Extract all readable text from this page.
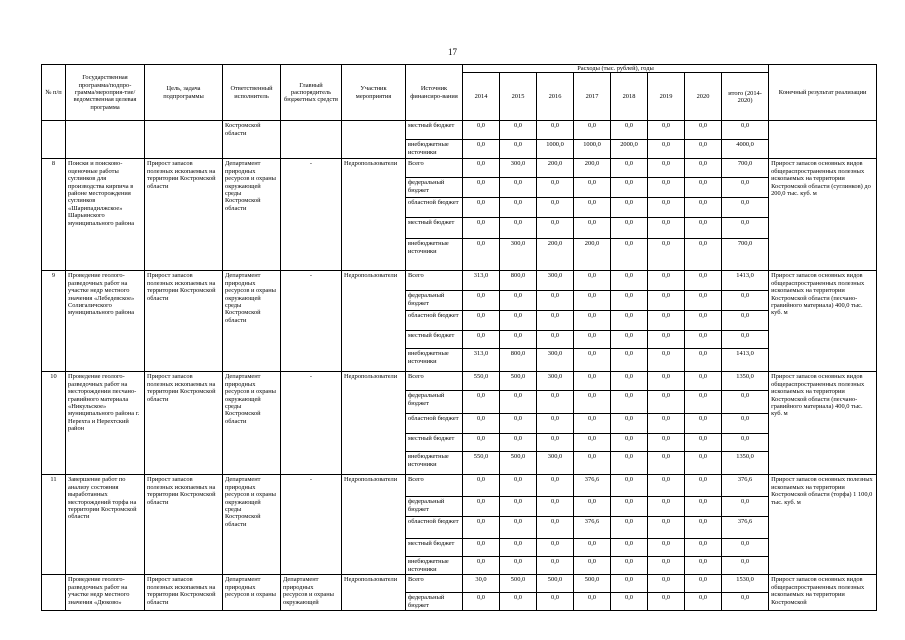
17
№ п/п	Государственная программа/подпро-грамма/мероприя-тие/ведомственная целевая программа	Цель, задача подпрограммы	Ответственный исполнитель	Главный распорядитель бюджетных средств	Участник мероприятия	Источник финансиро-вания	Расходы (тыс. рублей), годы								Конечный результат реализации
							2014	2015	2016	2017	2018	2019	2020	итого (2014-2020)	
			Костромской области			местный бюджет	0,0	0,0	0,0	0,0	0,0	0,0	0,0	0,0	
						внебюджетные источники	0,0	0,0	1000,0	1000,0	2000,0	0,0	0,0	4000,0	
8	Поиски и поисково-оценочные работы суглинков для производства кирпича в районе месторождения суглинков «Шарипадилжское» Шарьинского муниципального района	Прирост запасов полезных ископаемых на территории Костромской области	Департамент природных ресурсов и охраны окружающей среды Костромской области	-	Недропользователи	Всего	0,0	300,0	200,0	200,0	0,0	0,0	0,0	700,0	Прирост запасов основных видов общераспространенных полезных ископаемых на территории Костромской области (суглинков) до 200,0 тыс. куб. м
						федеральный бюджет	0,0	0,0	0,0	0,0	0,0	0,0	0,0	0,0	
						областной бюджет	0,0	0,0	0,0	0,0	0,0	0,0	0,0	0,0	
						местный бюджет	0,0	0,0	0,0	0,0	0,0	0,0	0,0	0,0	
						внебюджетные источники	0,0	300,0	200,0	200,0	0,0	0,0	0,0	700,0	
9	Проведение геолого-разведочных работ на участке недр местного значения «Лебедевское» Солигаличского муниципального района	Прирост запасов полезных ископаемых на территории Костромской области	Департамент природных ресурсов и охраны окружающей среды Костромской области	-	Недропользователи	Всего	313,0	800,0	300,0	0,0	0,0	0,0	0,0	1413,0	Прирост запасов основных видов общераспространенных полезных ископаемых на территории Костромской области (песчано-гравийного материала) 400,0 тыс. куб. м
						федеральный бюджет	0,0	0,0	0,0	0,0	0,0	0,0	0,0	0,0	
						областной бюджет	0,0	0,0	0,0	0,0	0,0	0,0	0,0	0,0	
						местный бюджет	0,0	0,0	0,0	0,0	0,0	0,0	0,0	0,0	
						внебюджетные источники	313,0	800,0	300,0	0,0	0,0	0,0	0,0	1413,0	
10	Проведение геолого-разведочных работ на месторождении песчано-гравийного материала «Никульское» муниципального района г. Нерехта и Нерехтский район	Прирост запасов полезных ископаемых на территории Костромской области	Департамент природных ресурсов и охраны окружающей среды Костромской области	-	Недропользователи	Всего	550,0	500,0	300,0	0,0	0,0	0,0	0,0	1350,0	Прирост запасов основных видов общераспространенных полезных ископаемых на территории Костромской области (песчано-гравийного материала) 400,0 тыс. куб. м
						федеральный бюджет	0,0	0,0	0,0	0,0	0,0	0,0	0,0	0,0	
						областной бюджет	0,0	0,0	0,0	0,0	0,0	0,0	0,0	0,0	
						местный бюджет	0,0	0,0	0,0	0,0	0,0	0,0	0,0	0,0	
						внебюджетные источники	550,0	500,0	300,0	0,0	0,0	0,0	0,0	1350,0	
11	Завершение работ по анализу состояния выработанных месторождений торфа на территории Костромской области	Прирост запасов полезных ископаемых на территории Костромской области	Департамент природных ресурсов и охраны окружающей среды Костромской области	-	Недропользователи	Всего	0,0	0,0	0,0	376,6	0,0	0,0	0,0	376,6	Прирост запасов основных полезных ископаемых на территории Костромской области (торфа) 1 100,0 тыс. куб. м
						федеральный бюджет	0,0	0,0	0,0	0,0	0,0	0,0	0,0	0,0	
						областной бюджет	0,0	0,0	0,0	376,6	0,0	0,0	0,0	376,6	
						местный бюджет	0,0	0,0	0,0	0,0	0,0	0,0	0,0	0,0	
						внебюджетные источники	0,0	0,0	0,0	0,0	0,0	0,0	0,0	0,0	
	Проведение геолого-разведочных работ на участке недр местного значения «Дюково»	Прирост запасов полезных ископаемых на территории Костромской области	Департамент природных ресурсов и охраны	Департамент природных ресурсов и охраны окружающей	Недропользователи	Всего	30,0	500,0	500,0	500,0	0,0	0,0	0,0	1530,0	Прирост запасов основных видов общераспространенных полезных ископаемых на территории Костромской
						федеральный бюджет	0,0	0,0	0,0	0,0	0,0	0,0	0,0	0,0	
